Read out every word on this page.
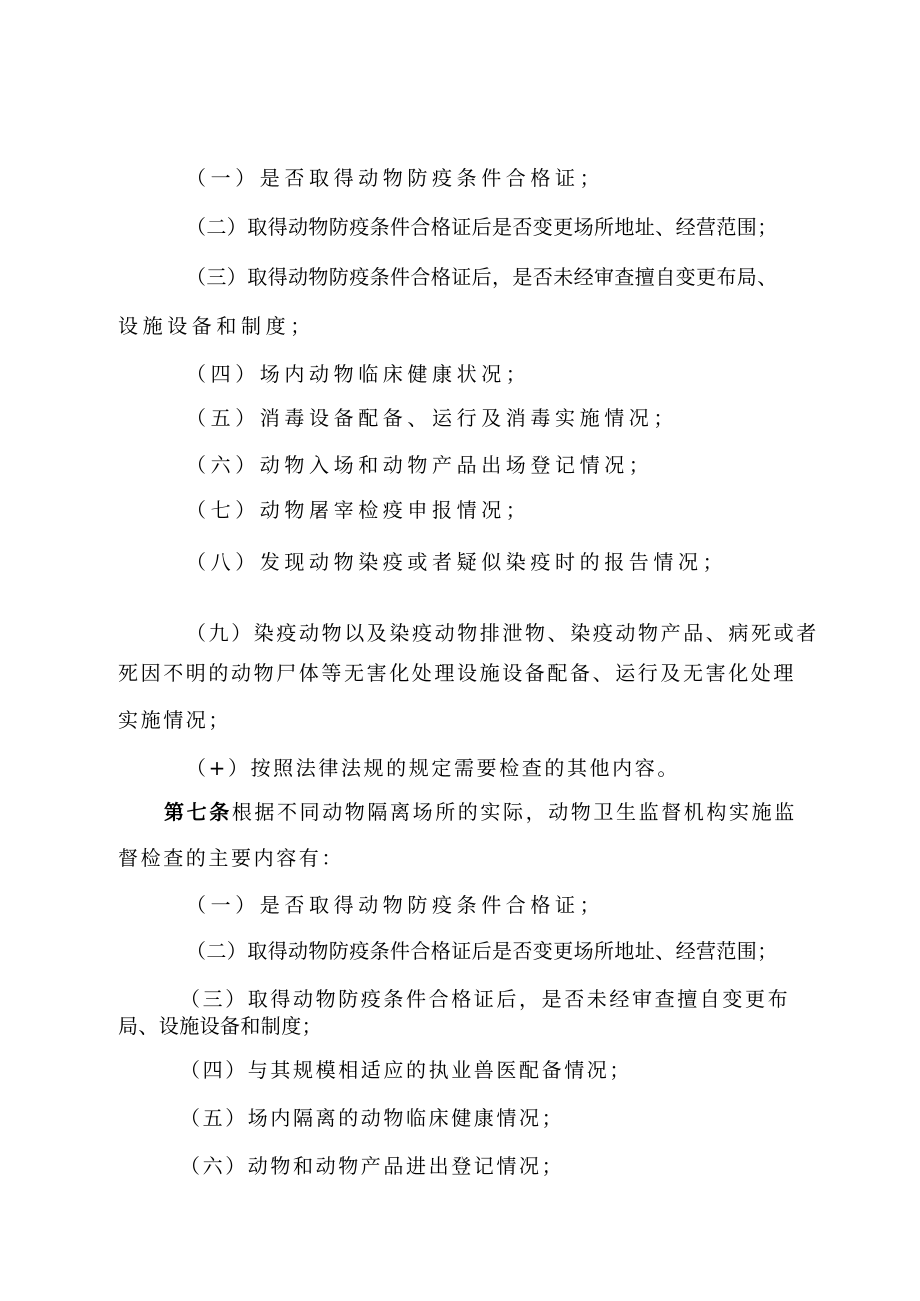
（一）是否取得动物防疫条件合格证；

（二）取得动物防疫条件合格证后是否变更场所地址、经营范围；

（三）取得动物防疫条件合格证后，是否未经审查擅自变更布局、

设施设备和制度；

（四）场内动物临床健康状况；

（五）消毒设备配备、运行及消毒实施情况；

（六）动物入场和动物产品出场登记情况；

（七）动物屠宰检疫申报情况；

（八）发现动物染疫或者疑似染疫时的报告情况；

（九）染疫动物以及染疫动物排泄物、染疫动物产品、病死或者

死因不明的动物尸体等无害化处理设施设备配备、运行及无害化处理

实施情况；

（+）按照法律法规的规定需要检查的其他内容。

第七条根据不同动物隔离场所的实际，动物卫生监督机构实施监

督检查的主要内容有：

（一）是否取得动物防疫条件合格证；

（二）取得动物防疫条件合格证后是否变更场所地址、经营范围；

（三）取得动物防疫条件合格证后，是否未经审查擅自变更布

局、设施设备和制度；

（四）与其规模相适应的执业兽医配备情况；

（五）场内隔离的动物临床健康情况；

（六）动物和动物产品进出登记情况；
